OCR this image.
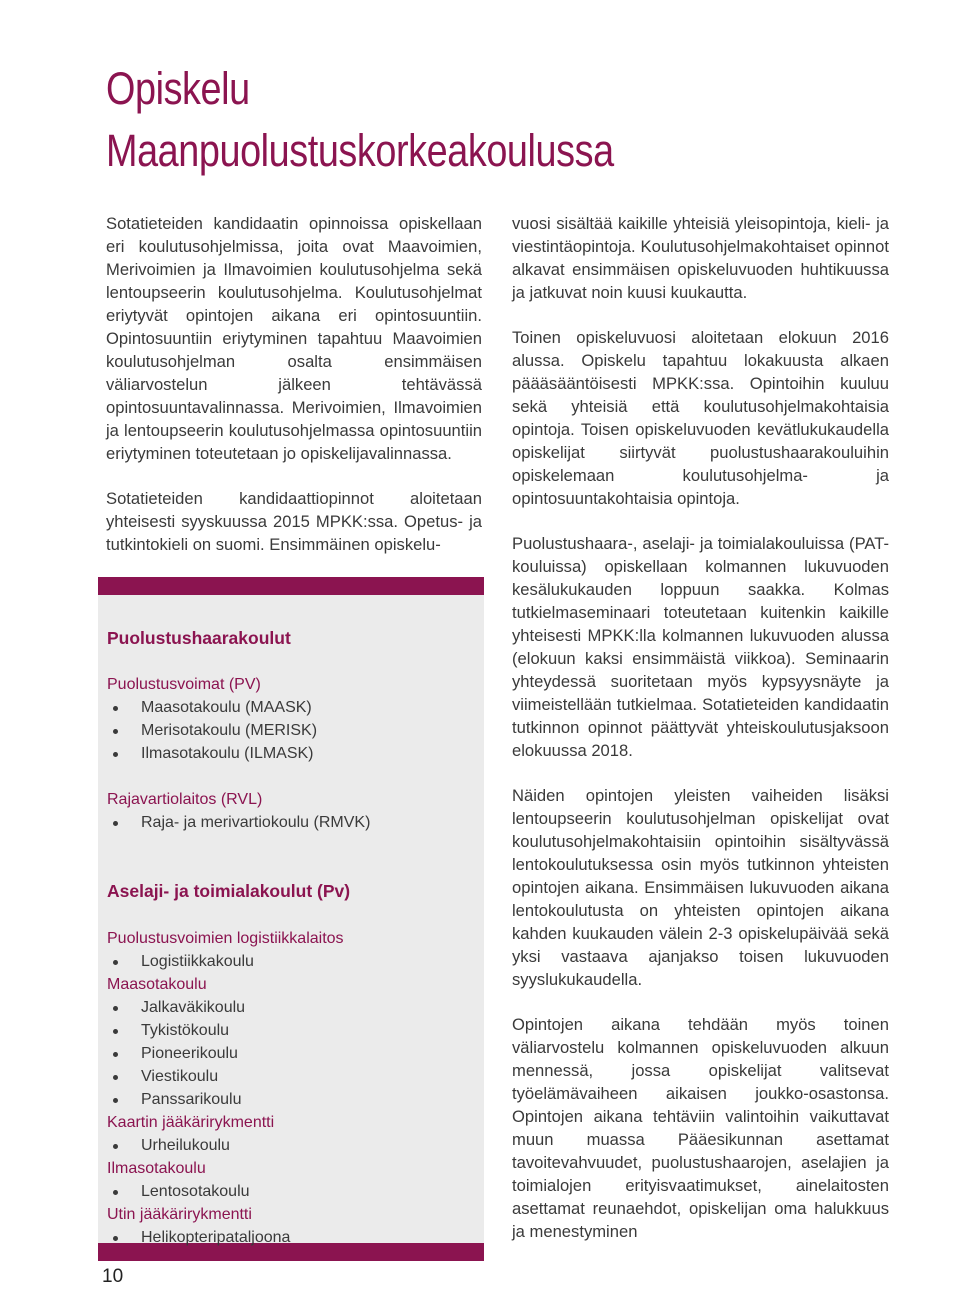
Opiskelu
Maanpuolustuskorkeakoulussa

Sotatieteiden kandidaatin opinnoissa opiskellaan eri koulutusohjelmissa, joita ovat Maavoimien, Merivoimien ja Ilmavoimien koulutusohjelma sekä lentoupseerin koulutusohjelma. Koulutusohjelmat eriytyvät opintojen aikana eri opintosuuntiin. Opintosuuntiin eriytyminen tapahtuu Maavoimien koulutusohjelman osalta ensimmäisen väliarvostelun jälkeen tehtävässä opintosuuntavalinnassa. Merivoimien, Ilmavoimien ja lentoupseerin koulutusohjelmassa opintosuuntiin eriytyminen toteutetaan jo opiskelijavalinnassa.

Sotatieteiden kandidaattiopinnot aloitetaan yhteisesti syyskuussa 2015 MPKK:ssa. Opetus- ja tutkintokieli on suomi. Ensimmäinen opiskelu-

vuosi sisältää kaikille yhteisiä yleisopintoja, kieli- ja viestintäopintoja. Koulutusohjelmakohtaiset opinnot alkavat ensimmäisen opiskeluvuoden huhtikuussa ja jatkuvat noin kuusi kuukautta.

Toinen opiskeluvuosi aloitetaan elokuun 2016 alussa. Opiskelu tapahtuu lokakuusta alkaen päääsääntöisesti MPKK:ssa. Opintoihin kuuluu sekä yhteisiä että koulutusohjelmakohtaisia opintoja. Toisen opiskeluvuoden kevätlukukaudella opiskelijat siirtyvät puolustushaarakouluihin opiskelemaan koulutusohjelma- ja opintosuuntakohtaisia opintoja.

Puolustushaara-, aselaji- ja toimialakouluissa (PAT-kouluissa) opiskellaan kolmannen lukuvuoden kesälukukauden loppuun saakka. Kolmas tutkielmaseminaari toteutetaan kuitenkin kaikille yhteisesti MPKK:lla kolmannen lukuvuoden alussa (elokuun kaksi ensimmäistä viikkoa). Seminaarin yhteydessä suoritetaan myös kypsyysnäyte ja viimeistellään tutkielmaa. Sotatieteiden kandidaatin tutkinnon opinnot päättyvät yhteiskoulutusjaksoon elokuussa 2018.

Näiden opintojen yleisten vaiheiden lisäksi lentoupseerin koulutusohjelman opiskelijat ovat koulutusohjelmakohtaisiin opintoihin sisältyvässä lentokoulutuksessa osin myös tutkinnon yhteisten opintojen aikana. Ensimmäisen lukuvuoden aikana lentokoulutusta on yhteisten opintojen aikana kahden kuukauden välein 2-3 opiskelupäivää sekä yksi vastaava ajanjakso toisen lukuvuoden syyslukukaudella.

Opintojen aikana tehdään myös toinen väliarvostelu kolmannen opiskeluvuoden alkuun mennessä, jossa opiskelijat valitsevat työelämävaiheen aikaisen joukko-osastonsa. Opintojen aikana tehtäviin valintoihin vaikuttavat muun muassa Pääesikunnan asettamat tavoitevahvuudet, puolustushaarojen, aselajien ja toimialojen erityisvaatimukset, ainelaitosten asettamat reunaehdot, opiskelijan oma halukkuus ja menestyminen

Puolustushaarakoulut
Puolustusvoimat (PV)
Maasotakoulu (MAASK)
Merisotakoulu (MERISK)
Ilmasotakoulu (ILMASK)
Rajavartiolaitos (RVL)
Raja- ja merivartiokoulu (RMVK)
Aselaji- ja toimialakoulut (Pv)
Puolustusvoimien logistiikkalaitos
Logistiikkakoulu
Maasotakoulu
Jalkaväkikoulu
Tykistökoulu
Pioneerikoulu
Viestikoulu
Panssarikoulu
Kaartin jääkärirykmentti
Urheilukoulu
Ilmasotakoulu
Lentosotakoulu
Utin jääkärirykmentti
Helikopteripataljoona
10
